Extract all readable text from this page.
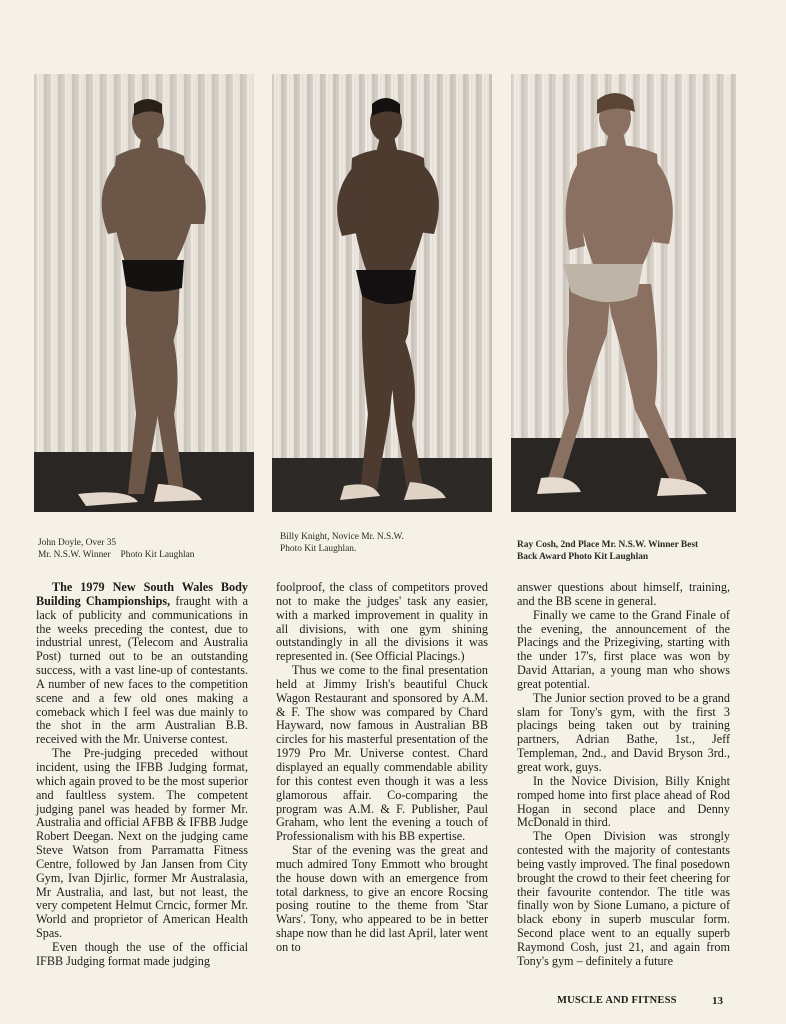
John Doyle, Over 35
Mr. N.S.W. Winner Photo Kit Laughlan
Billy Knight, Novice Mr. N.S.W.
Photo Kit Laughlan.	Ray Cosh, 2nd Place Mr. N.S.W. Winner Best
Back Award Photo Kit Laughlan

The 1979 New South Wales Body Building Championships, fraught with a lack of publicity and communications in the weeks preceding the contest, due to industrial unrest, (Telecom and Australia Post) turned out to be an outstanding success, with a vast line-up of contestants. A number of new faces to the competition scene and a few old ones making a comeback which I feel was due mainly to the shot in the arm Australian B.B. received with the Mr. Universe contest.

The Pre-judging preceded without incident, using the IFBB Judging format, which again proved to be the most superior and faultless system. The competent judging panel was headed by former Mr. Australia and official AFBB & IFBB Judge Robert Deegan. Next on the judging came Steve Watson from Parramatta Fitness Centre, followed by Jan Jansen from City Gym, Ivan Djirlic, former Mr Australasia, Mr Australia, and last, but not least, the very competent Helmut Crncic, former Mr. World and proprietor of American Health Spas.

Even though the use of the official IFBB Judging format made judging

foolproof, the class of competitors proved not to make the judges' task any easier, with a marked improvement in quality in all divisions, with one gym shining outstandingly in all the divisions it was represented in. (See Official Placings.)

Thus we come to the final presentation held at Jimmy Irish's beautiful Chuck Wagon Restaurant and sponsored by A.M. & F. The show was compared by Chard Hayward, now famous in Australian BB circles for his masterful presentation of the 1979 Pro Mr. Universe contest. Chard displayed an equally commendable ability for this contest even though it was a less glamorous affair. Co-comparing the program was A.M. & F. Publisher, Paul Graham, who lent the evening a touch of Professionalism with his BB expertise.

Star of the evening was the great and much admired Tony Emmott who brought the house down with an emergence from total darkness, to give an encore Rocsing posing routine to the theme from 'Star Wars'. Tony, who appeared to be in better shape now than he did last April, later went on to

answer questions about himself, training, and the BB scene in general.

Finally we came to the Grand Finale of the evening, the announcement of the Placings and the Prizegiving, starting with the under 17's, first place was won by David Attarian, a young man who shows great potential.

The Junior section proved to be a grand slam for Tony's gym, with the first 3 placings being taken out by training partners, Adrian Bathe, 1st., Jeff Templeman, 2nd., and David Bryson 3rd., great work, guys.

In the Novice Division, Billy Knight romped home into first place ahead of Rod Hogan in second place and Denny McDonald in third.

The Open Division was strongly contested with the majority of contestants being vastly improved. The final posedown brought the crowd to their feet cheering for their favourite contendor. The title was finally won by Sione Lumano, a picture of black ebony in superb muscular form. Second place went to an equally superb Raymond Cosh, just 21, and again from Tony's gym – definitely a future

MUSCLE AND FITNESS	13
